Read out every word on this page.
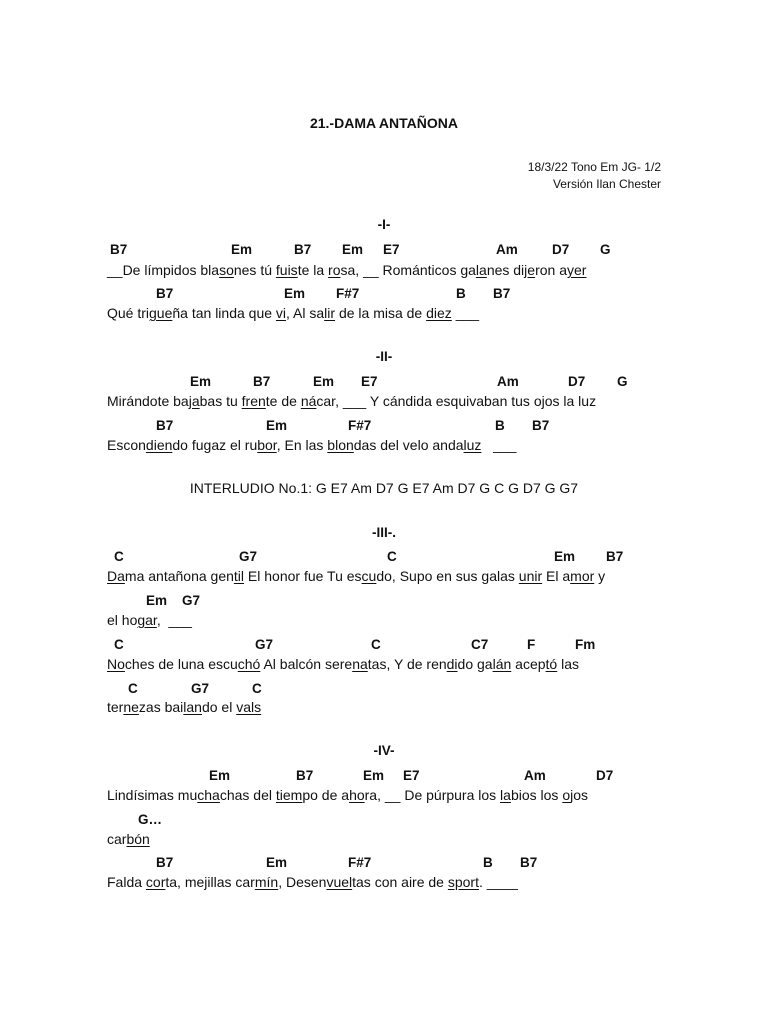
21.-DAMA ANTAÑONA
18/3/22 Tono Em JG- 1/2
Versión Ilan Chester
-I-
B7	Em	B7 Em E7	Am	D7 G
__De límpidos blasones tú fuiste la rosa, __ Románticos galanes dijeron ayer
B7	Em F#7	B B7
Qué trigueña tan linda que vi, Al salir de la misa de diez ___
-II-
Em	B7	Em E7	Am	D7 G
Mirándote bajabas tu frente de nácar, ___ Y cándida esquivaban tus ojos la luz
B7	Em	F#7	B B7
Escondiendo fugaz el rubor, En las blondas del velo andaluz   ___
INTERLUDIO No.1: G E7 Am D7 G E7 Am D7 G C G D7 G G7
-III-.
C	G7	C	Em B7
Dama antañona gentil El honor fue Tu escudo, Supo en sus galas unir El amor y
Em G7
el hogar,  ___
C	G7	C	C7	F	Fm
Noches de luna escuchó Al balcón serenatas, Y de rendido galán aceptó las
C	G7	C
ternezas bailando el vals
-IV-
Em	B7	Em E7	Am	D7
Lindísimas muchachas del tiempo de ahora, __ De púrpura los labios los ojos
G…
carbón
B7	Em	F#7	B B7
Falda corta, mejillas carmín, Desenvueltas con aire de sport. ____
